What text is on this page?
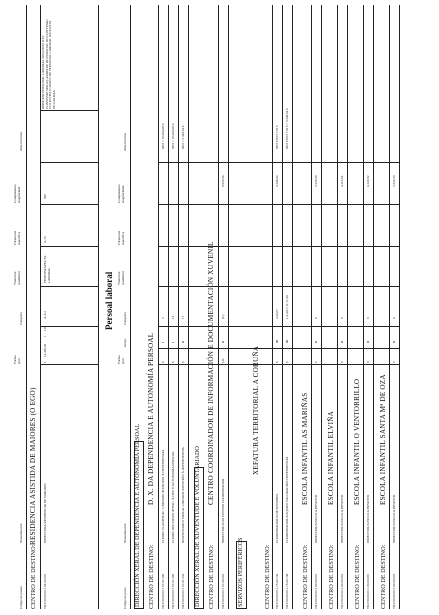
Código de puesto
Denominación
Forma prov.
Categoría
Titulación académica
Formación específica
Complemento singularidad
Observaciones
CENTRO DE DESTINO:
RESIDENCIA ASISTIDA DE MAIORES (O EGO)
TR.C90.60.00.1.04.00.001
DIRECTORA RESIDENCIA DE MAIORES
L
14.466,66
1
LD
A.A.2
FISIOTERAPEUTA / LABORAL
A.15
660
DEBE SER PERSONAL LABORAL SEGUNDO O IV CONVENIO SINGULARIDADE DO PERSOAL DO CONVENIO COLECTIVO COMÚN DE PERSONAL LABORAL DA XUNTA DE GALICIA.
Persoal laboral
Código de posto
Denominación
Forma prov.
Grupo
Categoría
Titulación académica
Formación específica
Complemento singularidade
Observacións
DIRECCIÓN XERAL DE DEPENDENCIA E AUTONOMÍA PERSOAL CENTRO DE DESTINO:
D. X. DA DEPENDENCIA E AUTONOMÍA PERSOAL
TR.C90.60.00.1.07.01.200
COORD. PLANIFICAC. UNIDADE ATENCIÓN Á DEPENDENCIA
C
I
3
DE3 = 10.460,08 €.
TR.C90.60.00.1.07.01.206
COORD. RECURSOS ATENC. Á DEP. E AUTONOMÍA PERSOAL
C
I
12
DE3 = 10.460,08 €.
TR.C90.60.00.1.07.01.232
RESPONSABLE PROGR. UNIDADE ATENCIÓN Á DEPENDENCIA
C
II
17
DE3 = 5.348,64 €.
DIRECCIÓN XERAL DE XUVENTUDE E VOLUNTARIADO CENTRO DE DESTINO:
CENTRO COORDINADOR DE INFORMACIÓN E DOCUMENTACIÓN XUVENIL
TR.C90.60.00.1.07.00.001
DIRECTOR/A DO CENTRO COORDINADOR
LD
II
(C)
9.935,36
SERVIZOS PERIFÉRICOS
XEFATURA TERRITORIAL A CORUÑA
CENTRO DE DESTINO: TR.C90.60.00.1.15.00.743
COORDINADOR/A DE MENORES
C
III
4.30,07
5.348,64
DE3 CEN1 7.815
TR.C90.60.00.1.15.00.748
COORDINADOR/A EQUIPO VALORACIÓN DEPENDENCIA
C
III
1,2,4,6,7,11,17,28
DE3 CEN1 7.815 = 5.348,64 €
CENTRO DE DESTINO:
ESCOLA INFANTIL AS MARIÑAS
TR.C90.60.00.1.00.00.001
DIRECTOR/A ESCOLA INFANTIL
C
II
8
5.535,20
CENTRO DE DESTINO:
ESCOLA INFANTIL ELVIÑA
TR.C90.60.00.1.00.00.001
DIRECTOR/A ESCOLA INFANTIL
C
II
8
4.113,92
CENTRO DE DESTINO:
ESCOLA INFANTIL O VENTORRILLO
TR.C90.60.00.1.00.00.001
DIRECTOR/A ESCOLA INFANTIL
C
II
8
4.122,92
CENTRO DE DESTINO:
ESCOLA INFANTIL SANTA Mª DE OZA
TR.C90.60.00.1.00.00.001
DIRECTOR/A ESCOLA INFANTIL
C
II
8
3.532,20
